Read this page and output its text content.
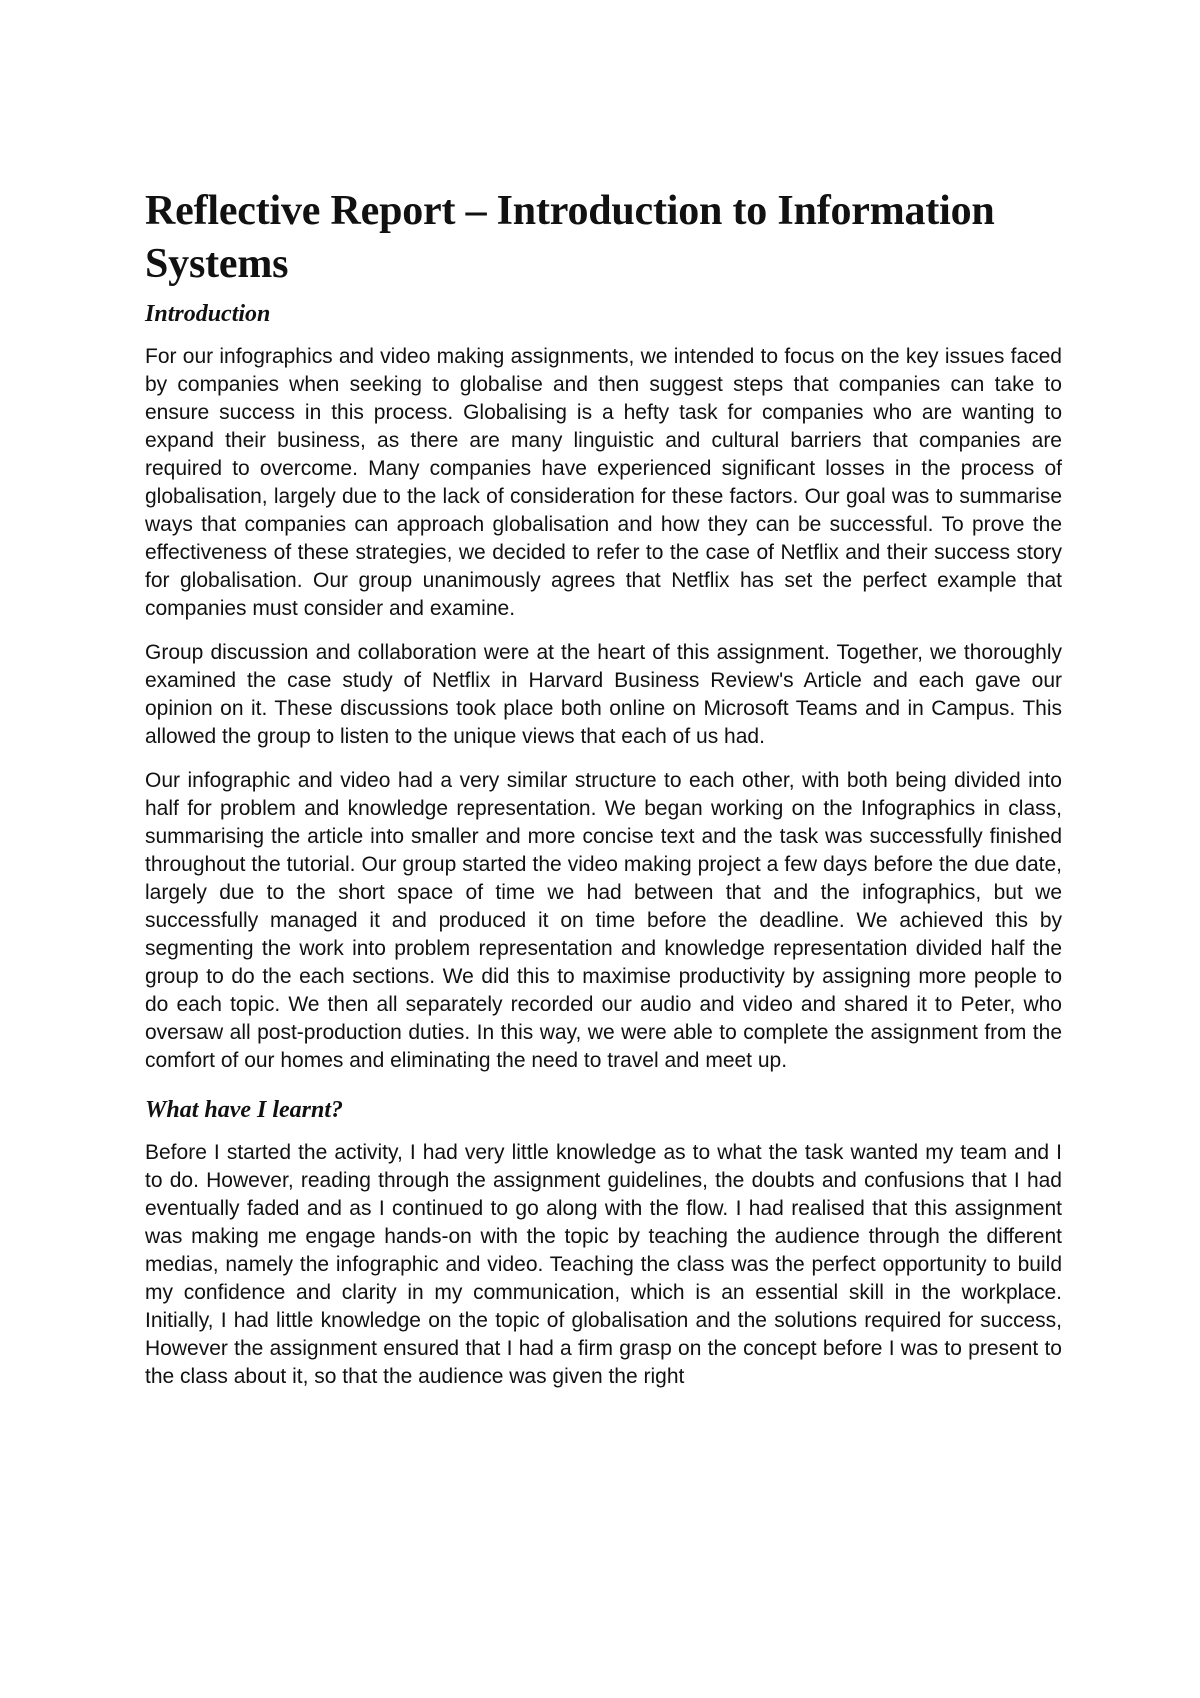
Reflective Report – Introduction to Information Systems
Introduction

For our infographics and video making assignments, we intended to focus on the key issues faced by companies when seeking to globalise and then suggest steps that companies can take to ensure success in this process. Globalising is a hefty task for companies who are wanting to expand their business, as there are many linguistic and cultural barriers that companies are required to overcome. Many companies have experienced significant losses in the process of globalisation, largely due to the lack of consideration for these factors. Our goal was to summarise ways that companies can approach globalisation and how they can be successful. To prove the effectiveness of these strategies, we decided to refer to the case of Netflix and their success story for globalisation. Our group unanimously agrees that Netflix has set the perfect example that companies must consider and examine.

Group discussion and collaboration were at the heart of this assignment. Together, we thoroughly examined the case study of Netflix in Harvard Business Review's Article and each gave our opinion on it. These discussions took place both online on Microsoft Teams and in Campus. This allowed the group to listen to the unique views that each of us had.

Our infographic and video had a very similar structure to each other, with both being divided into half for problem and knowledge representation. We began working on the Infographics in class, summarising the article into smaller and more concise text and the task was successfully finished throughout the tutorial. Our group started the video making project a few days before the due date, largely due to the short space of time we had between that and the infographics, but we successfully managed it and produced it on time before the deadline. We achieved this by segmenting the work into problem representation and knowledge representation divided half the group to do the each sections. We did this to maximise productivity by assigning more people to do each topic. We then all separately recorded our audio and video and shared it to Peter, who oversaw all post-production duties. In this way, we were able to complete the assignment from the comfort of our homes and eliminating the need to travel and meet up.

What have I learnt?

Before I started the activity, I had very little knowledge as to what the task wanted my team and I to do. However, reading through the assignment guidelines, the doubts and confusions that I had eventually faded and as I continued to go along with the flow. I had realised that this assignment was making me engage hands-on with the topic by teaching the audience through the different medias, namely the infographic and video. Teaching the class was the perfect opportunity to build my confidence and clarity in my communication, which is an essential skill in the workplace. Initially, I had little knowledge on the topic of globalisation and the solutions required for success, However the assignment ensured that I had a firm grasp on the concept before I was to present to the class about it, so that the audience was given the right
